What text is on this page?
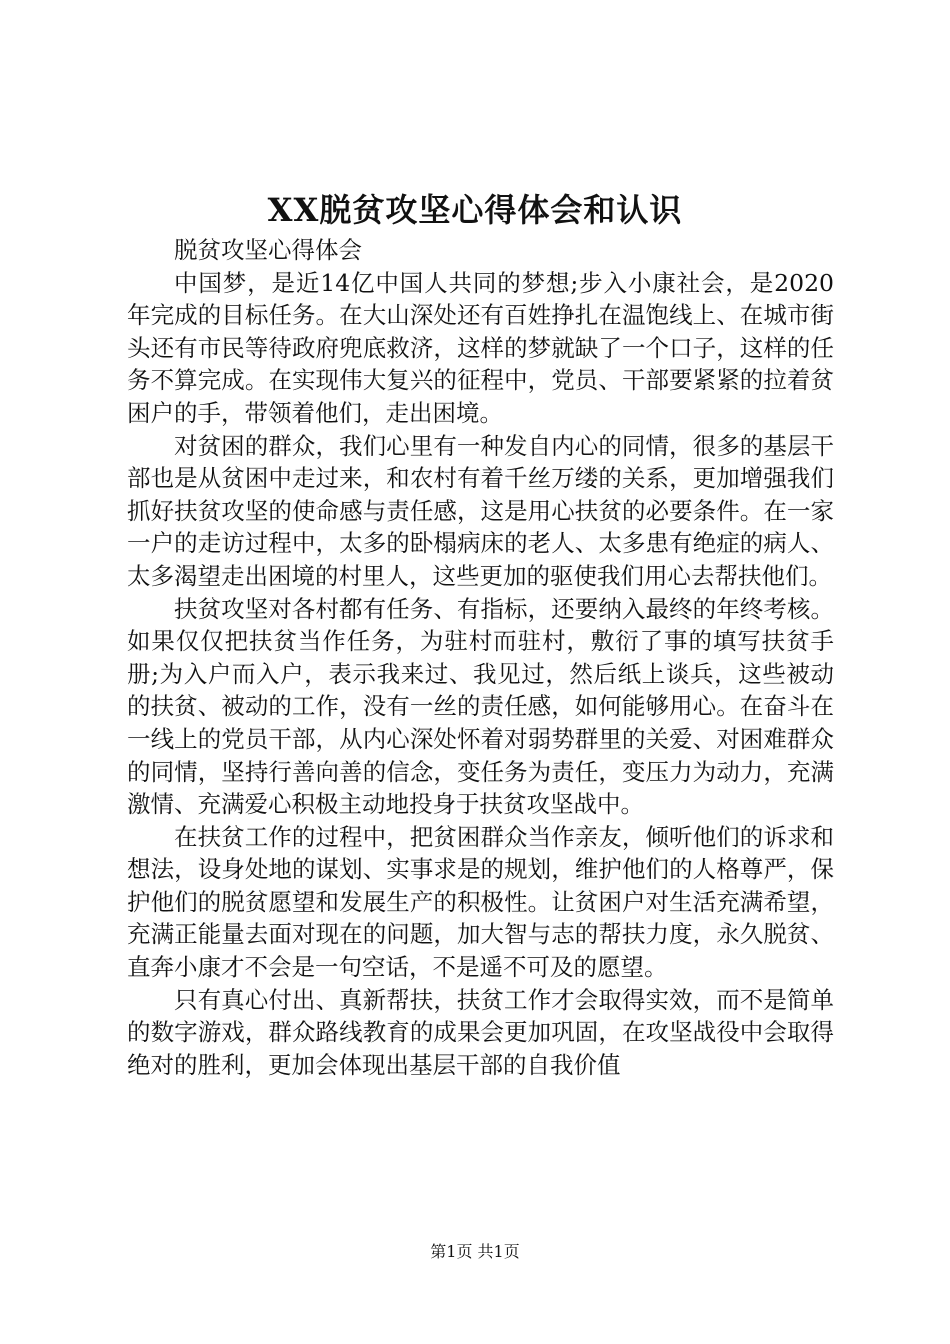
XX脱贫攻坚心得体会和认识

脱贫攻坚心得体会

中国梦，是近14亿中国人共同的梦想;步入小康社会，是2020年完成的目标任务。在大山深处还有百姓挣扎在温饱线上、在城市街头还有市民等待政府兜底救济，这样的梦就缺了一个口子，这样的任务不算完成。在实现伟大复兴的征程中，党员、干部要紧紧的拉着贫困户的手，带领着他们，走出困境。

对贫困的群众，我们心里有一种发自内心的同情，很多的基层干部也是从贫困中走过来，和农村有着千丝万缕的关系，更加增强我们抓好扶贫攻坚的使命感与责任感，这是用心扶贫的必要条件。在一家一户的走访过程中，太多的卧榻病床的老人、太多患有绝症的病人、太多渴望走出困境的村里人，这些更加的驱使我们用心去帮扶他们。

扶贫攻坚对各村都有任务、有指标，还要纳入最终的年终考核。如果仅仅把扶贫当作任务，为驻村而驻村，敷衍了事的填写扶贫手册;为入户而入户，表示我来过、我见过，然后纸上谈兵，这些被动的扶贫、被动的工作，没有一丝的责任感，如何能够用心。在奋斗在一线上的党员干部，从内心深处怀着对弱势群里的关爱、对困难群众的同情，坚持行善向善的信念，变任务为责任，变压力为动力，充满激情、充满爱心积极主动地投身于扶贫攻坚战中。

在扶贫工作的过程中，把贫困群众当作亲友，倾听他们的诉求和想法，设身处地的谋划、实事求是的规划，维护他们的人格尊严，保护他们的脱贫愿望和发展生产的积极性。让贫困户对生活充满希望，充满正能量去面对现在的问题，加大智与志的帮扶力度，永久脱贫、直奔小康才不会是一句空话，不是遥不可及的愿望。

只有真心付出、真新帮扶，扶贫工作才会取得实效，而不是简单的数字游戏，群众路线教育的成果会更加巩固，在攻坚战役中会取得绝对的胜利，更加会体现出基层干部的自我价值

第1页 共1页
